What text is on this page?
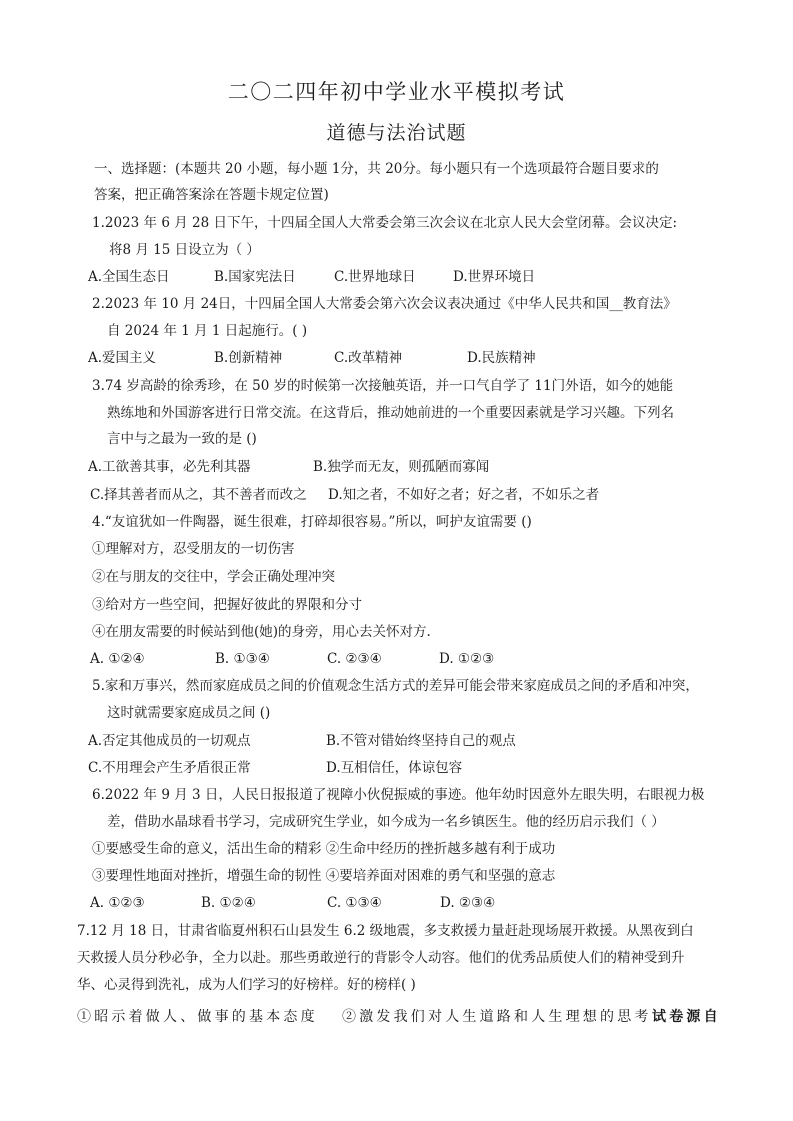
二〇二四年初中学业水平模拟考试
道德与法治试题
一、选择题：(本题共 20 小题，每小题 1分，共 20分。每小题只有一个选项最符合题目要求的
答案，把正确答案涂在答题卡规定位置)
1.2023 年 6 月 28 日下午，十四届全国人大常委会第三次会议在北京人民大会堂闭幕。会议决定:
将8 月 15 日设立为（ ）
A.全国生态日	B.国家宪法日	C.世界地球日	D.世界环境日
2.2023 年 10 月 24日，十四届全国人大常委会第六次会议表决通过《中华人民共和国__教育法》
自 2024 年 1 月 1 日起施行。( )
A.爱国主义	B.创新精神	C.改革精神	D.民族精神
3.74 岁高龄的徐秀珍，在 50 岁的时候第一次接触英语，并一口气自学了 11门外语，如今的她能
熟练地和外国游客进行日常交流。在这背后，推动她前进的一个重要因素就是学习兴趣。下列名
言中与之最为一致的是 ()
A.工欲善其事，必先利其器	B.独学而无友，则孤陋而寡闻
C.择其善者而从之，其不善者而改之 D.知之者，不如好之者；好之者，不如乐之者
4.“友谊犹如一件陶器，诞生很难，打碎却很容易。”所以，呵护友谊需要 ()
①理解对方，忍受朋友的一切伤害
②在与朋友的交往中，学会正确处理冲突
③给对方一些空间，把握好彼此的界限和分寸
④在朋友需要的时候站到他(她)的身旁，用心去关怀对方.
A. ①②④	B. ①③④	C. ②③④	D. ①②③
5.家和万事兴，然而家庭成员之间的价值观念生活方式的差异可能会带来家庭成员之间的矛盾和冲突，
这时就需要家庭成员之间 ()
A.否定其他成员的一切观点	B.不管对错始终坚持自己的观点
C.不用理会产生矛盾很正常	D.互相信任，体谅包容
6.2022 年 9 月 3 日，人民日报报道了视障小伙倪振威的事迹。他年幼时因意外左眼失明，右眼视力极
差，借助水晶球看书学习，完成研究生学业，如今成为一名乡镇医生。他的经历启示我们（ ）
①要感受生命的意义，活出生命的精彩 ②生命中经历的挫折越多越有利于成功
③要理性地面对挫折，增强生命的韧性 ④要培养面对困难的勇气和坚强的意志
A. ①②③	B. ①②④	C. ①③④	D. ②③④
7.12 月 18 日，甘肃省临夏州积石山县发生 6.2 级地震，多支救援力量赶赴现场展开救援。从黑夜到白
天救援人员分秒必争，全力以赴。那些勇敢逆行的背影令人动容。他们的优秀品质使人们的精神受到升
华、心灵得到洗礼，成为人们学习的好榜样。好的榜样( )
①昭示着做人、做事的基本态度 ②激发我们对人生道路和人生理想的思考 试卷源自
